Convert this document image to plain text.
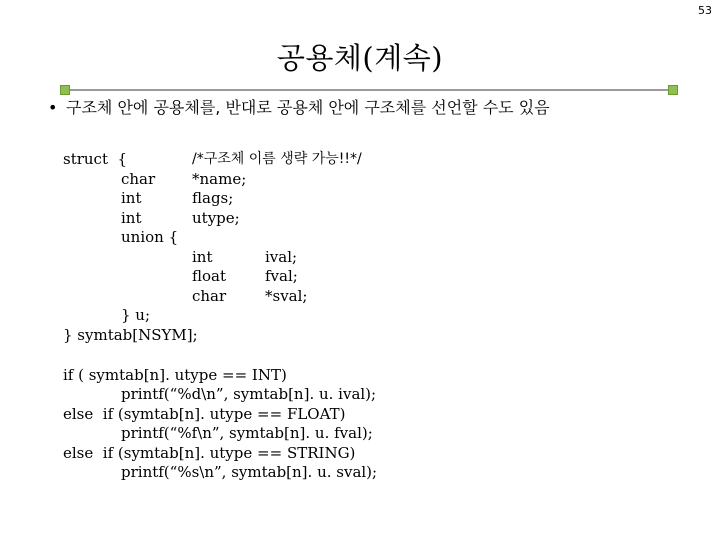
53
공용체(계속)
• 구조체 안에 공용체를, 반대로 공용체 안에 구조체를 선언할 수도 있음
struct  {	/*구조체 이름 생략 가능!!*/
char *name;
int	flags;
int	utype;
union {
int	ival;
float	fval;
char	*sval;
} u;
} symtab[NSYM];
if ( symtab[n]. utype == INT)
printf(“%d\n”, symtab[n]. u. ival);
else  if (symtab[n]. utype == FLOAT)
printf(“%f\n”, symtab[n]. u. fval);
else  if (symtab[n]. utype == STRING)
printf(“%s\n”, symtab[n]. u. sval);
